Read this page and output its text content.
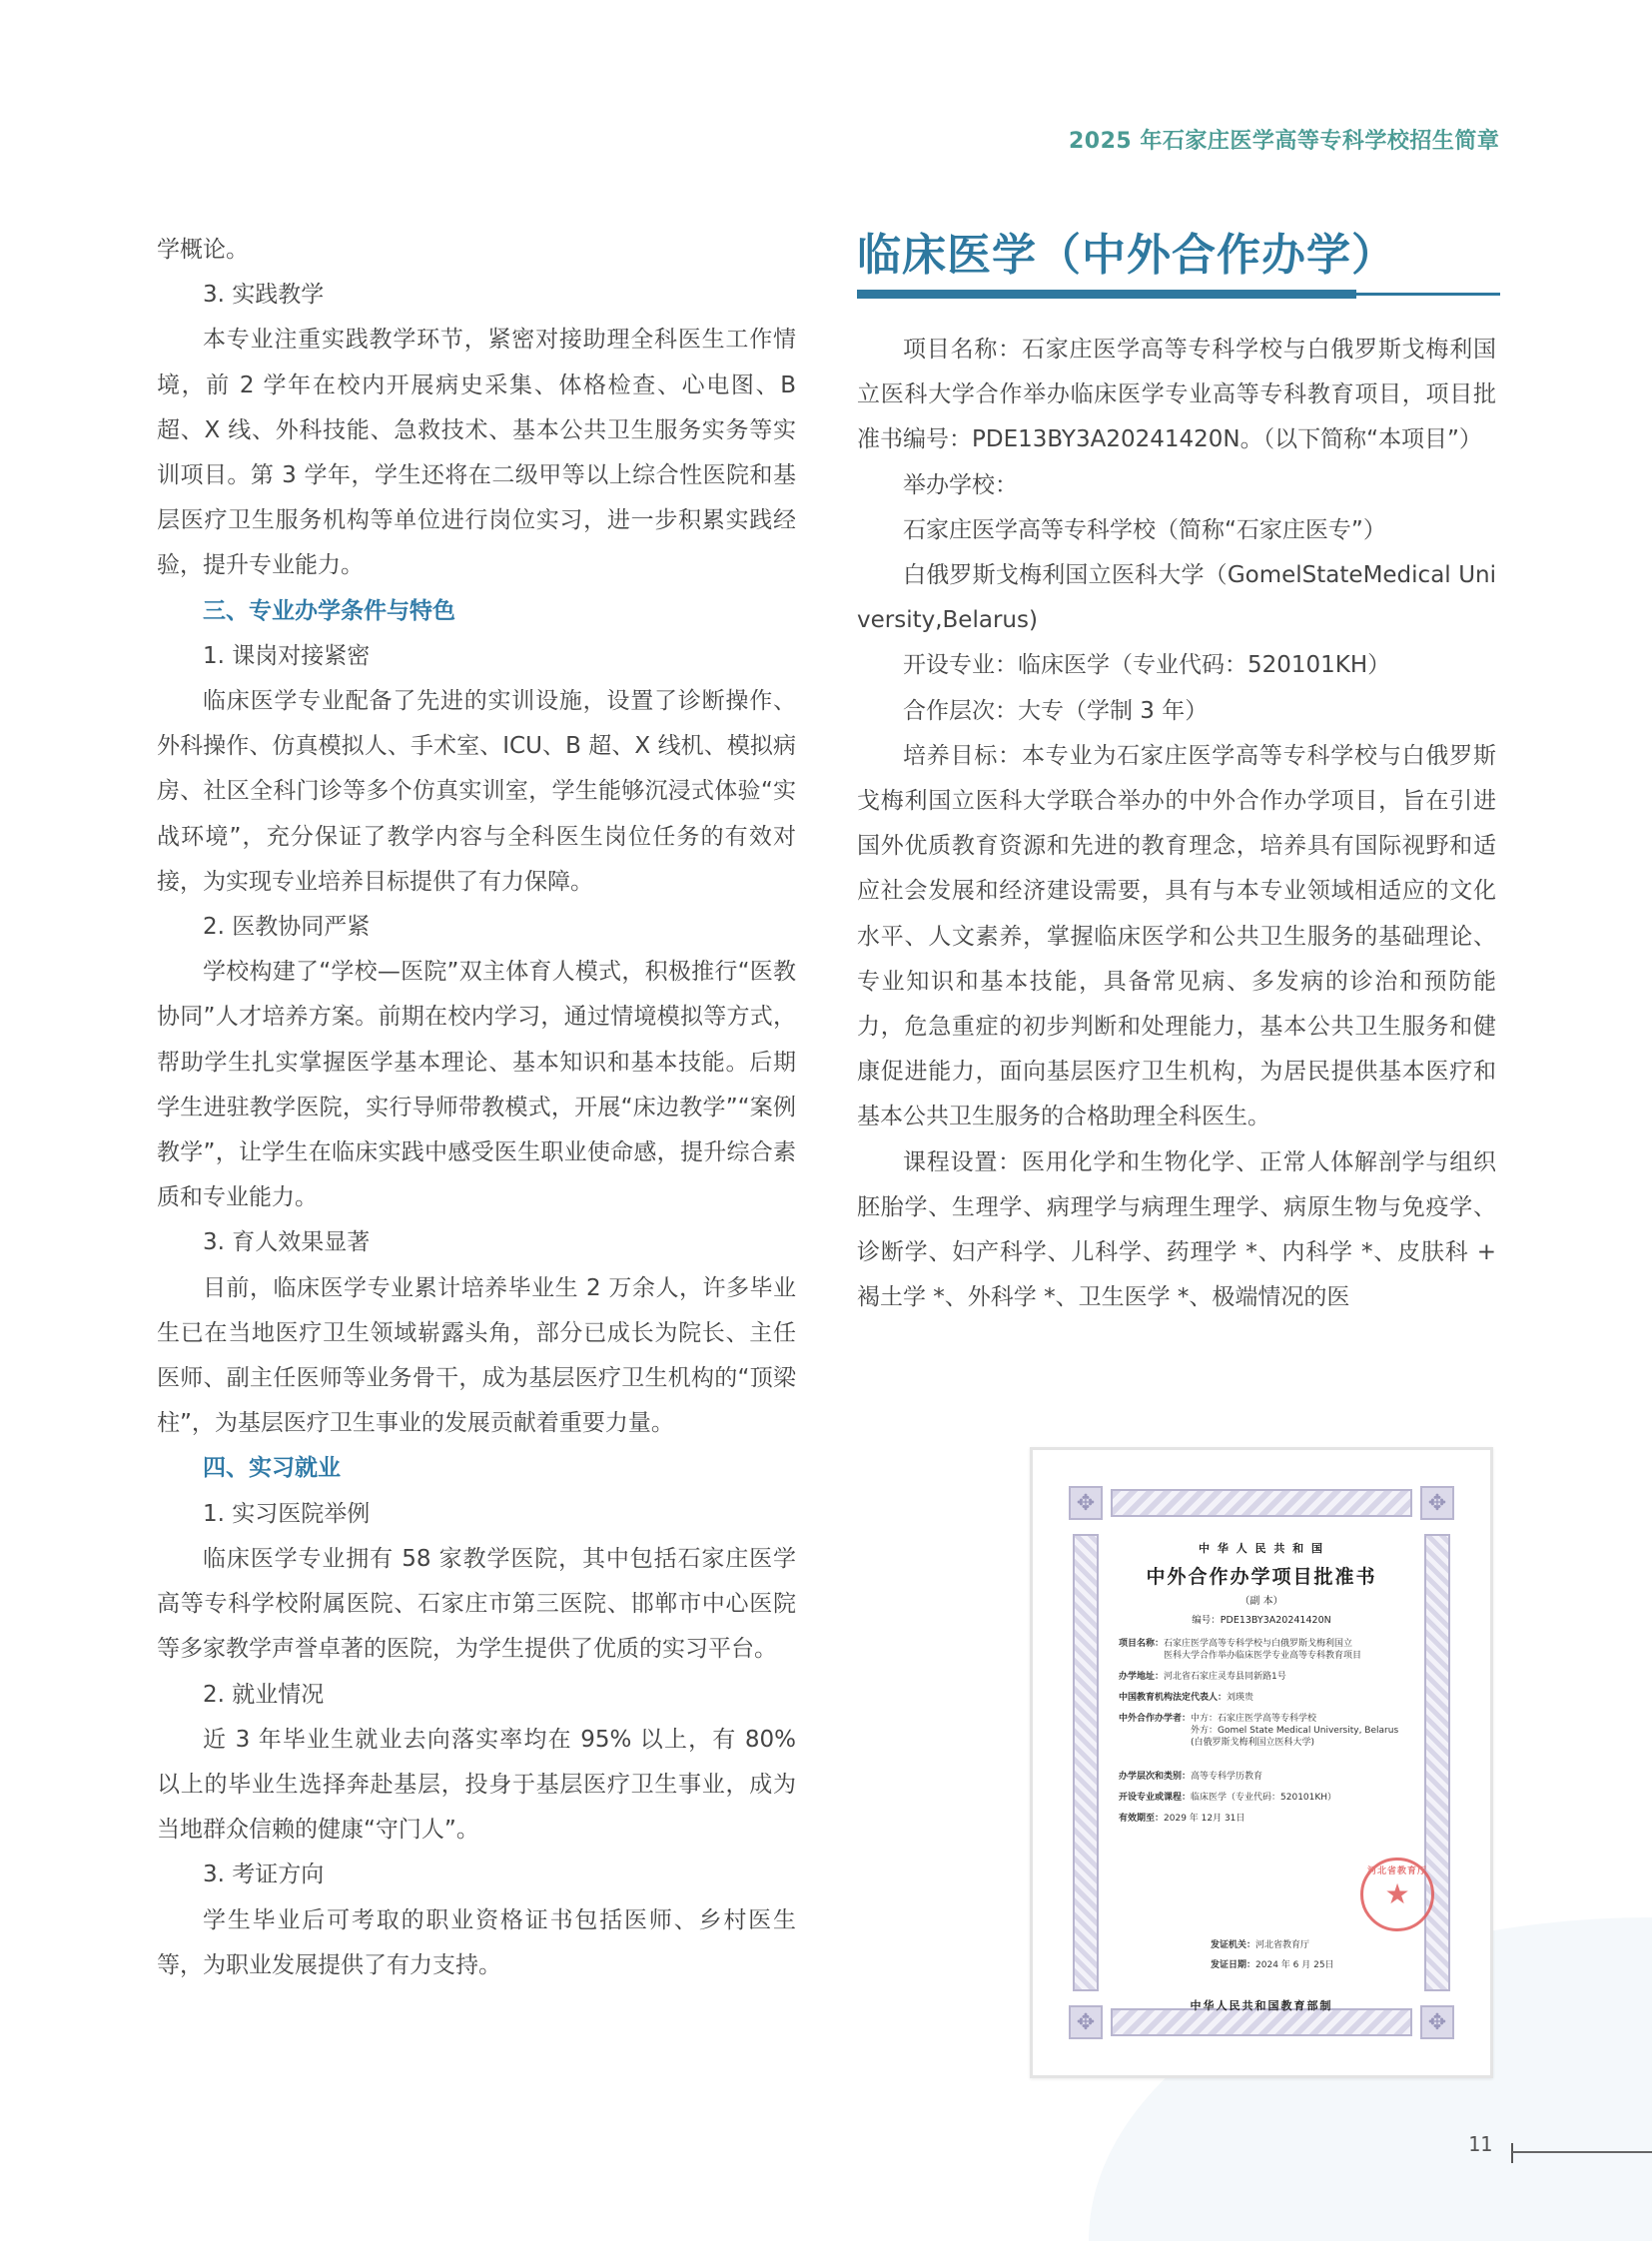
2025 年石家庄医学高等专科学校招生简章

学概论。

3. 实践教学

本专业注重实践教学环节，紧密对接助理全科医生工作情境，前 2 学年在校内开展病史采集、体格检查、心电图、B 超、X 线、外科技能、急救技术、基本公共卫生服务实务等实训项目。第 3 学年，学生还将在二级甲等以上综合性医院和基层医疗卫生服务机构等单位进行岗位实习，进一步积累实践经验，提升专业能力。

三、专业办学条件与特色

1. 课岗对接紧密

临床医学专业配备了先进的实训设施，设置了诊断操作、外科操作、仿真模拟人、手术室、ICU、B 超、X 线机、模拟病房、社区全科门诊等多个仿真实训室，学生能够沉浸式体验“实战环境”，充分保证了教学内容与全科医生岗位任务的有效对接，为实现专业培养目标提供了有力保障。

2. 医教协同严紧

学校构建了“学校—医院”双主体育人模式，积极推行“医教协同”人才培养方案。前期在校内学习，通过情境模拟等方式，帮助学生扎实掌握医学基本理论、基本知识和基本技能。后期学生进驻教学医院，实行导师带教模式，开展“床边教学”“案例教学”，让学生在临床实践中感受医生职业使命感，提升综合素质和专业能力。

3. 育人效果显著

目前，临床医学专业累计培养毕业生 2 万余人，许多毕业生已在当地医疗卫生领域崭露头角，部分已成长为院长、主任医师、副主任医师等业务骨干，成为基层医疗卫生机构的“顶梁柱”，为基层医疗卫生事业的发展贡献着重要力量。

四、实习就业

1. 实习医院举例

临床医学专业拥有 58 家教学医院，其中包括石家庄医学高等专科学校附属医院、石家庄市第三医院、邯郸市中心医院等多家教学声誉卓著的医院，为学生提供了优质的实习平台。

2. 就业情况

近 3 年毕业生就业去向落实率均在 95% 以上，有 80% 以上的毕业生选择奔赴基层，投身于基层医疗卫生事业，成为当地群众信赖的健康“守门人”。

3. 考证方向

学生毕业后可考取的职业资格证书包括医师、乡村医生等，为职业发展提供了有力支持。

临床医学（中外合作办学）

项目名称：石家庄医学高等专科学校与白俄罗斯戈梅利国立医科大学合作举办临床医学专业高等专科教育项目，项目批准书编号：PDE13BY3A20241420N。（以下简称“本项目”）

举办学校：

石家庄医学高等专科学校（简称“石家庄医专”）

白俄罗斯戈梅利国立医科大学（GomelStateMedical University,Belarus)

开设专业：临床医学（专业代码：520101KH）

合作层次：大专（学制 3 年）

培养目标：本专业为石家庄医学高等专科学校与白俄罗斯戈梅利国立医科大学联合举办的中外合作办学项目，旨在引进国外优质教育资源和先进的教育理念，培养具有国际视野和适应社会发展和经济建设需要，具有与本专业领域相适应的文化水平、人文素养，掌握临床医学和公共卫生服务的基础理论、专业知识和基本技能，具备常见病、多发病的诊治和预防能力，危急重症的初步判断和处理能力，基本公共卫生服务和健康促进能力，面向基层医疗卫生机构，为居民提供基本医疗和基本公共卫生服务的合格助理全科医生。

课程设置：医用化学和生物化学、正常人体解剖学与组织胚胎学、生理学、病理学与病理生理学、病原生物与免疫学、诊断学、妇产科学、儿科学、药理学 *、内科学 *、皮肤科 + 褐土学 *、外科学 *、卫生医学 *、极端情况的医

✥	✥
✥	✥
中 华 人 民 共 和 国
中外合作办学项目批准书
（副 本）
编号：PDE13BY3A20241420N
项目名称： 石家庄医学高等专科学校与白俄罗斯戈梅利国立
医科大学合作举办临床医学专业高等专科教育项目
办学地址： 河北省石家庄灵寿县同新路1号
中国教育机构法定代表人： 刘瑛贵
中外合作办学者： 中方：石家庄医学高等专科学校
外方：Gomel State Medical University, Belarus
(白俄罗斯戈梅利国立医科大学)
办学层次和类别： 高等专科学历教育
开设专业或课程： 临床医学（专业代码：520101KH）
有效期至： 2029 年 12月 31日
河北省教育厅
★
发证机关： 河北省教育厅
发证日期： 2024 年 6 月 25日
中华人民共和国教育部制
11
